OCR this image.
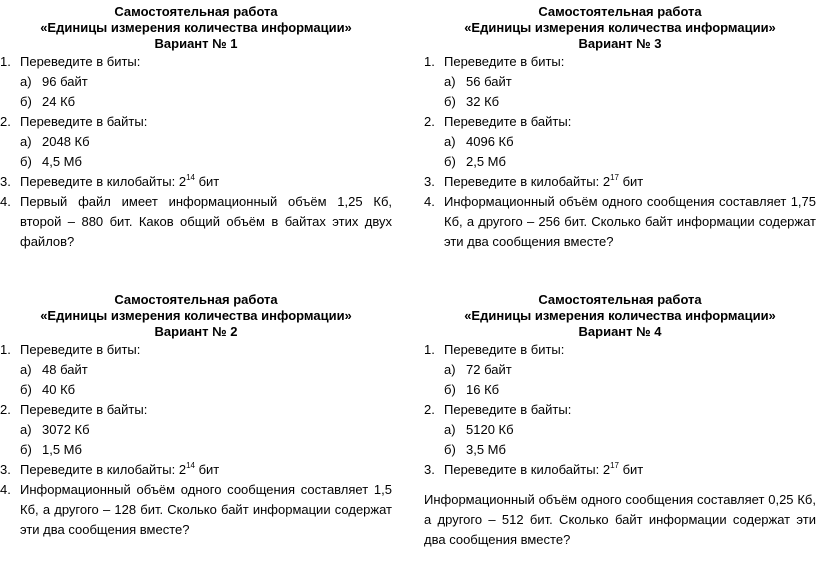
Самостоятельная работа
«Единицы измерения количества информации»
Вариант № 1
1. Переведите в биты:
а) 96 байт
б) 24 Кб
2. Переведите в байты:
а) 2048 Кб
б) 4,5 Мб
3. Переведите в килобайты: $2^{14}$ бит
4. Первый файл имеет информационный объём 1,25 Кб, второй – 880 бит. Каков общий объём в байтах этих двух файлов?
Самостоятельная работа
«Единицы измерения количества информации»
Вариант № 3
1. Переведите в биты:
а) 56 байт
б) 32 Кб
2. Переведите в байты:
а) 4096 Кб
б) 2,5 Мб
3. Переведите в килобайты: $2^{17}$ бит
4. Информационный объём одного сообщения составляет 1,75 Кб, а другого – 256 бит. Сколько байт информации содержат эти два сообщения вместе?
Самостоятельная работа
«Единицы измерения количества информации»
Вариант № 2
1. Переведите в биты:
а) 48 байт
б) 40 Кб
2. Переведите в байты:
а) 3072 Кб
б) 1,5 Мб
3. Переведите в килобайты: $2^{14}$ бит
4. Информационный объём одного сообщения составляет 1,5 Кб, а другого – 128 бит. Сколько байт информации содержат эти два сообщения вместе?
Самостоятельная работа
«Единицы измерения количества информации»
Вариант № 4
1. Переведите в биты:
а) 72 байт
б) 16 Кб
2. Переведите в байты:
а) 5120 Кб
б) 3,5 Мб
3. Переведите в килобайты: $2^{17}$ бит
Информационный объём одного сообщения составляет 0,25 Кб, а другого – 512 бит. Сколько байт информации содержат эти два сообщения вместе?
